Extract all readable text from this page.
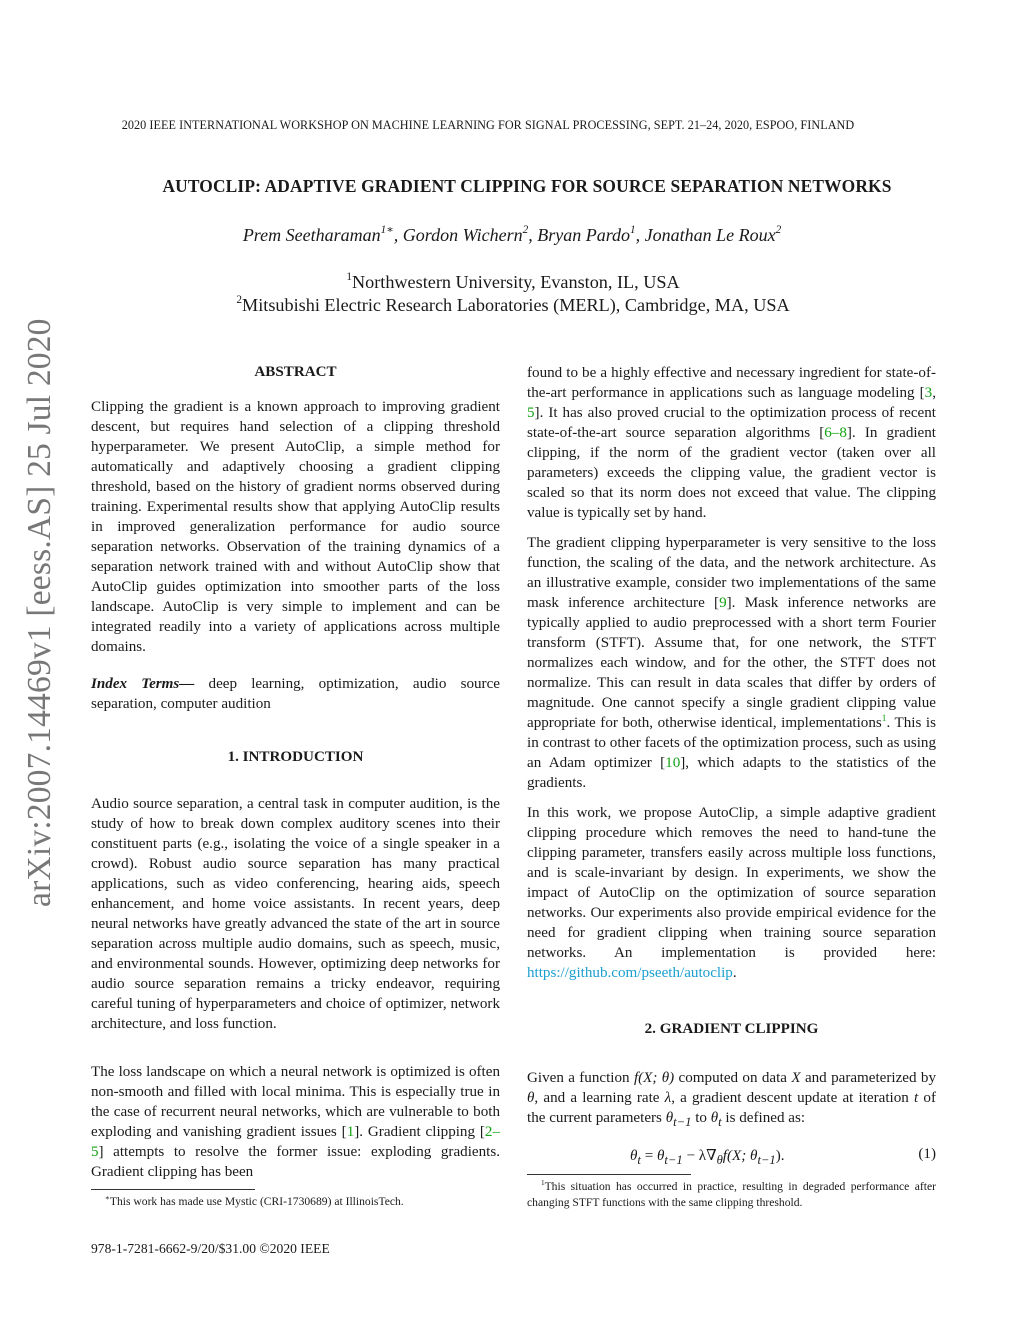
2020 IEEE INTERNATIONAL WORKSHOP ON MACHINE LEARNING FOR SIGNAL PROCESSING, SEPT. 21–24, 2020, ESPOO, FINLAND
AUTOCLIP: ADAPTIVE GRADIENT CLIPPING FOR SOURCE SEPARATION NETWORKS
Prem Seetharaman$^{1∗}$, Gordon Wichern$^2$, Bryan Pardo$^1$, Jonathan Le Roux$^2$
$^1$Northwestern University, Evanston, IL, USA
$^2$Mitsubishi Electric Research Laboratories (MERL), Cambridge, MA, USA
arXiv:2007.14469v1 [eess.AS] 25 Jul 2020	ABSTRACT

Clipping the gradient is a known approach to improving gradient descent, but requires hand selection of a clipping threshold hyperparameter. We present AutoClip, a simple method for automatically and adaptively choosing a gradient clipping threshold, based on the history of gradient norms observed during training. Experimental results show that applying AutoClip results in improved generalization performance for audio source separation networks. Observation of the training dynamics of a separation network trained with and without AutoClip show that AutoClip guides optimization into smoother parts of the loss landscape. AutoClip is very simple to implement and can be integrated readily into a variety of applications across multiple domains.

Index Terms— deep learning, optimization, audio source separation, computer audition

1. INTRODUCTION

Audio source separation, a central task in computer audition, is the study of how to break down complex auditory scenes into their constituent parts (e.g., isolating the voice of a single speaker in a crowd). Robust audio source separation has many practical applications, such as video conferencing, hearing aids, speech enhancement, and home voice assistants. In recent years, deep neural networks have greatly advanced the state of the art in source separation across multiple audio domains, such as speech, music, and environmental sounds. However, optimizing deep networks for audio source separation remains a tricky endeavor, requiring careful tuning of hyperparameters and choice of optimizer, network architecture, and loss function.

The loss landscape on which a neural network is optimized is often non-smooth and filled with local minima. This is especially true in the case of recurrent neural networks, which are vulnerable to both exploding and vanishing gradient issues [1]. Gradient clipping [2–5] attempts to resolve the former issue: exploding gradients. Gradient clipping has been

∗This work has made use Mystic (CRI-1730689) at IllinoisTech.
978-1-7281-6662-9/20/$31.00 ©2020 IEEE

found to be a highly effective and necessary ingredient for state-of-the-art performance in applications such as language modeling [3, 5]. It has also proved crucial to the optimization process of recent state-of-the-art source separation algorithms [6–8]. In gradient clipping, if the norm of the gradient vector (taken over all parameters) exceeds the clipping value, the gradient vector is scaled so that its norm does not exceed that value. The clipping value is typically set by hand.

The gradient clipping hyperparameter is very sensitive to the loss function, the scaling of the data, and the network architecture. As an illustrative example, consider two implementations of the same mask inference architecture [9]. Mask inference networks are typically applied to audio preprocessed with a short term Fourier transform (STFT). Assume that, for one network, the STFT normalizes each window, and for the other, the STFT does not normalize. This can result in data scales that differ by orders of magnitude. One cannot specify a single gradient clipping value appropriate for both, otherwise identical, implementations$^1$. This is in contrast to other facets of the optimization process, such as using an Adam optimizer [10], which adapts to the statistics of the gradients.

In this work, we propose AutoClip, a simple adaptive gradient clipping procedure which removes the need to hand-tune the clipping parameter, transfers easily across multiple loss functions, and is scale-invariant by design. In experiments, we show the impact of AutoClip on the optimization of source separation networks. Our experiments also provide empirical evidence for the need for gradient clipping when training source separation networks. An implementation is provided here: https://github.com/pseeth/autoclip.

2. GRADIENT CLIPPING

Given a function f(X; θ) computed on data X and parameterized by θ, and a learning rate λ, a gradient descent update at iteration t of the current parameters $\theta_{t-1}$ to $\theta_t$ is defined as:

$\theta_t = \theta_{t-1} - \lambda\nabla_\theta f(X$; $\theta_{t-1}$).	(1)
$^1$This situation has occurred in practice, resulting in degraded performance after changing STFT functions with the same clipping threshold.
